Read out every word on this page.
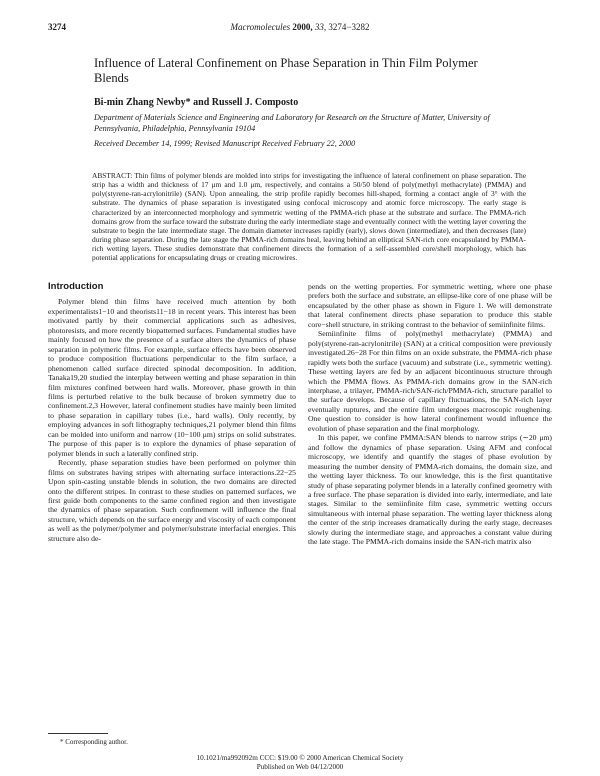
3274	Macromolecules 2000, 33, 3274−3282
Influence of Lateral Confinement on Phase Separation in Thin Film Polymer Blends
Bi-min Zhang Newby* and Russell J. Composto
Department of Materials Science and Engineering and Laboratory for Research on the Structure of Matter, University of Pennsylvania, Philadelphia, Pennsylvania 19104
Received December 14, 1999; Revised Manuscript Received February 22, 2000
ABSTRACT: Thin films of polymer blends are molded into strips for investigating the influence of lateral confinement on phase separation. The strip has a width and thickness of 17 μm and 1.0 μm, respectively, and contains a 50/50 blend of poly(methyl methacrylate) (PMMA) and poly(styrene-ran-acrylonitrile) (SAN). Upon annealing, the strip profile rapidly becomes hill-shaped, forming a contact angle of 3° with the substrate. The dynamics of phase separation is investigated using confocal microscopy and atomic force microscopy. The early stage is characterized by an interconnected morphology and symmetric wetting of the PMMA-rich phase at the substrate and surface. The PMMA-rich domains grow from the surface toward the substrate during the early intermediate stage and eventually connect with the wetting layer covering the substrate to begin the late intermediate stage. The domain diameter increases rapidly (early), slows down (intermediate), and then decreases (late) during phase separation. During the late stage the PMMA-rich domains heal, leaving behind an elliptical SAN-rich core encapsulated by PMMA-rich wetting layers. These studies demonstrate that confinement directs the formation of a self-assembled core/shell morphology, which has potential applications for encapsulating drugs or creating microwires.
Introduction

Polymer blend thin films have received much attention by both experimentalists1−10 and theorists11−18 in recent years. This interest has been motivated partly by their commercial applications such as adhesives, photoresists, and more recently biopatterned surfaces. Fundamental studies have mainly focused on how the presence of a surface alters the dynamics of phase separation in polymeric films. For example, surface effects have been observed to produce composition fluctuations perpendicular to the film surface, a phenomenon called surface directed spinodal decomposition. In addition, Tanaka19,20 studied the interplay between wetting and phase separation in thin film mixtures confined between hard walls. Moreover, phase growth in thin films is perturbed relative to the bulk because of broken symmetry due to confinement.2,3 However, lateral confinement studies have mainly been limited to phase separation in capillary tubes (i.e., hard walls). Only recently, by employing advances in soft lithography techniques,21 polymer blend thin films can be molded into uniform and narrow (10−100 μm) strips on solid substrates. The purpose of this paper is to explore the dynamics of phase separation of polymer blends in such a laterally confined strip.

Recently, phase separation studies have been performed on polymer thin films on substrates having stripes with alternating surface interactions.22−25 Upon spin-casting unstable blends in solution, the two domains are directed onto the different stripes. In contrast to these studies on patterned surfaces, we first guide both components to the same confined region and then investigate the dynamics of phase separation. Such confinement will influence the final structure, which depends on the surface energy and viscosity of each component as well as the polymer/polymer and polymer/substrate interfacial energies. This structure also de-

pends on the wetting properties. For symmetric wetting, where one phase prefers both the surface and substrate, an ellipse-like core of one phase will be encapsulated by the other phase as shown in Figure 1. We will demonstrate that lateral confinement directs phase separation to produce this stable core−shell structure, in striking contrast to the behavior of semiinfinite films.

Semiinfinite films of poly(methyl methacrylate) (PMMA) and poly(styrene-ran-acrylonitrile) (SAN) at a critical composition were previously investigated.26−28 For thin films on an oxide substrate, the PMMA-rich phase rapidly wets both the surface (vacuum) and substrate (i.e., symmetric wetting). These wetting layers are fed by an adjacent bicontinuous structure through which the PMMA flows. As PMMA-rich domains grow in the SAN-rich interphase, a trilayer, PMMA-rich/SAN-rich/PMMA-rich, structure parallel to the surface develops. Because of capillary fluctuations, the SAN-rich layer eventually ruptures, and the entire film undergoes macroscopic roughening. One question to consider is how lateral confinement would influence the evolution of phase separation and the final morphology.

In this paper, we confine PMMA:SAN blends to narrow strips (∼20 μm) and follow the dynamics of phase separation. Using AFM and confocal microscopy, we identify and quantify the stages of phase evolution by measuring the number density of PMMA-rich domains, the domain size, and the wetting layer thickness. To our knowledge, this is the first quantitative study of phase separating polymer blends in a laterally confined geometry with a free surface. The phase separation is divided into early, intermediate, and late stages. Similar to the semiinfinite film case, symmetric wetting occurs simultaneous with internal phase separation. The wetting layer thickness along the center of the strip increases dramatically during the early stage, decreases slowly during the intermediate stage, and approaches a constant value during the late stage. The PMMA-rich domains inside the SAN-rich matrix also

* Corresponding author.
10.1021/ma992092m CCC: $19.00 © 2000 American Chemical Society
Published on Web 04/12/2000
